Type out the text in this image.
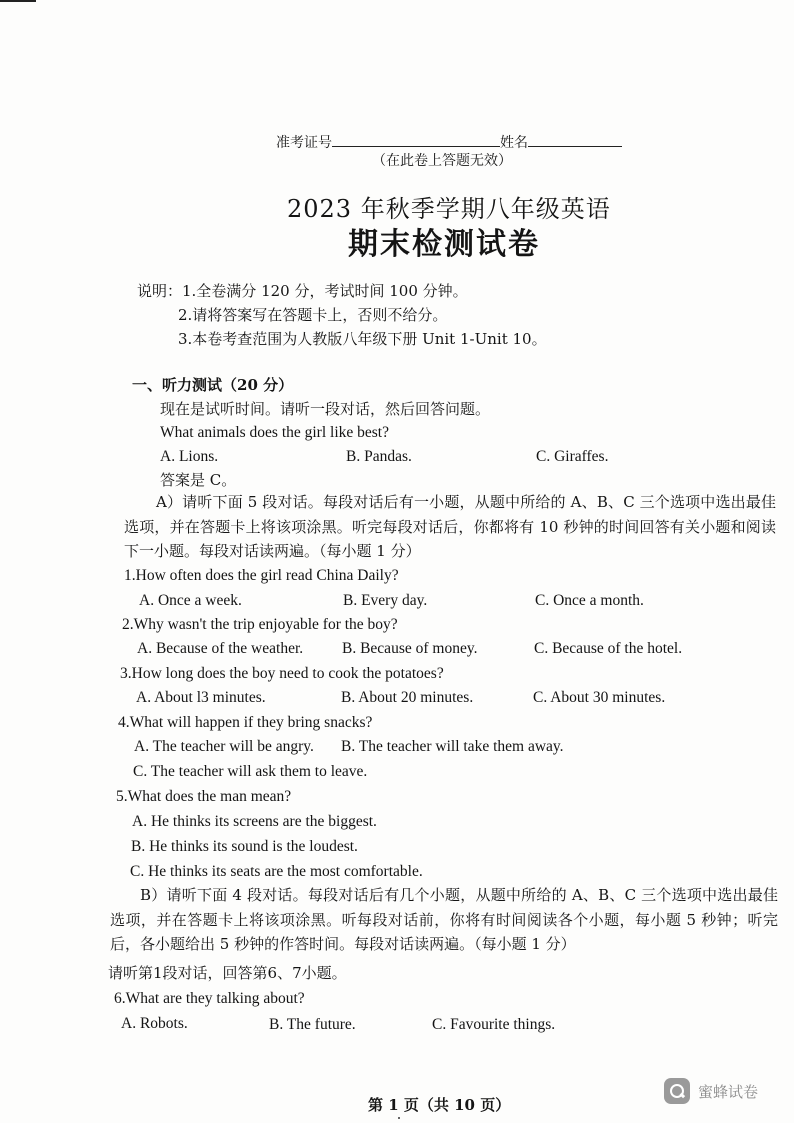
准考证号	姓名
（在此卷上答题无效）
2023 年秋季学期八年级英语
期末检测试卷
说明： 1.全卷满分 120 分，考试时间 100 分钟。
2.请将答案写在答题卡上，否则不给分。
3.本卷考查范围为人教版八年级下册 Unit 1-Unit 10。
一、听力测试（20 分）
现在是试听时间。请听一段对话，然后回答问题。
What animals does the girl like best?
A. Lions.	B. Pandas.	C. Giraffes.
答案是 C。
A）请听下面 5 段对话。每段对话后有一小题，从题中所给的 A、B、C 三个选项中选出最佳选项，并在答题卡上将该项涂黑。听完每段对话后，你都将有 10 秒钟的时间回答有关小题和阅读下一小题。每段对话读两遍。（每小题 1 分）
1.How often does the girl read China Daily?
A. Once a week.	B. Every day.	C. Once a month.
2.Why wasn't the trip enjoyable for the boy?
A. Because of the weather.	B. Because of money.	C. Because of the hotel.
3.How long does the boy need to cook the potatoes?
A. About l3 minutes.	B. About 20 minutes.	C. About 30 minutes.
4.What will happen if they bring snacks?
A. The teacher will be angry. B. The teacher will take them away.
C. The teacher will ask them to leave.
5.What does the man mean?
A. He thinks its screens are the biggest.
B. He thinks its sound is the loudest.
C. He thinks its seats are the most comfortable.
B）请听下面 4 段对话。每段对话后有几个小题，从题中所给的 A、B、C 三个选项中选出最佳选项，并在答题卡上将该项涂黑。听每段对话前，你将有时间阅读各个小题，每小题 5 秒钟；听完后，各小题给出 5 秒钟的作答时间。每段对话读两遍。（每小题 1 分）
请听第1段对话，回答第6、7小题。
6.What are they talking about?
A. Robots.	B. The future.	C. Favourite things.
第 1 页（共 10 页）
蜜蜂试卷
